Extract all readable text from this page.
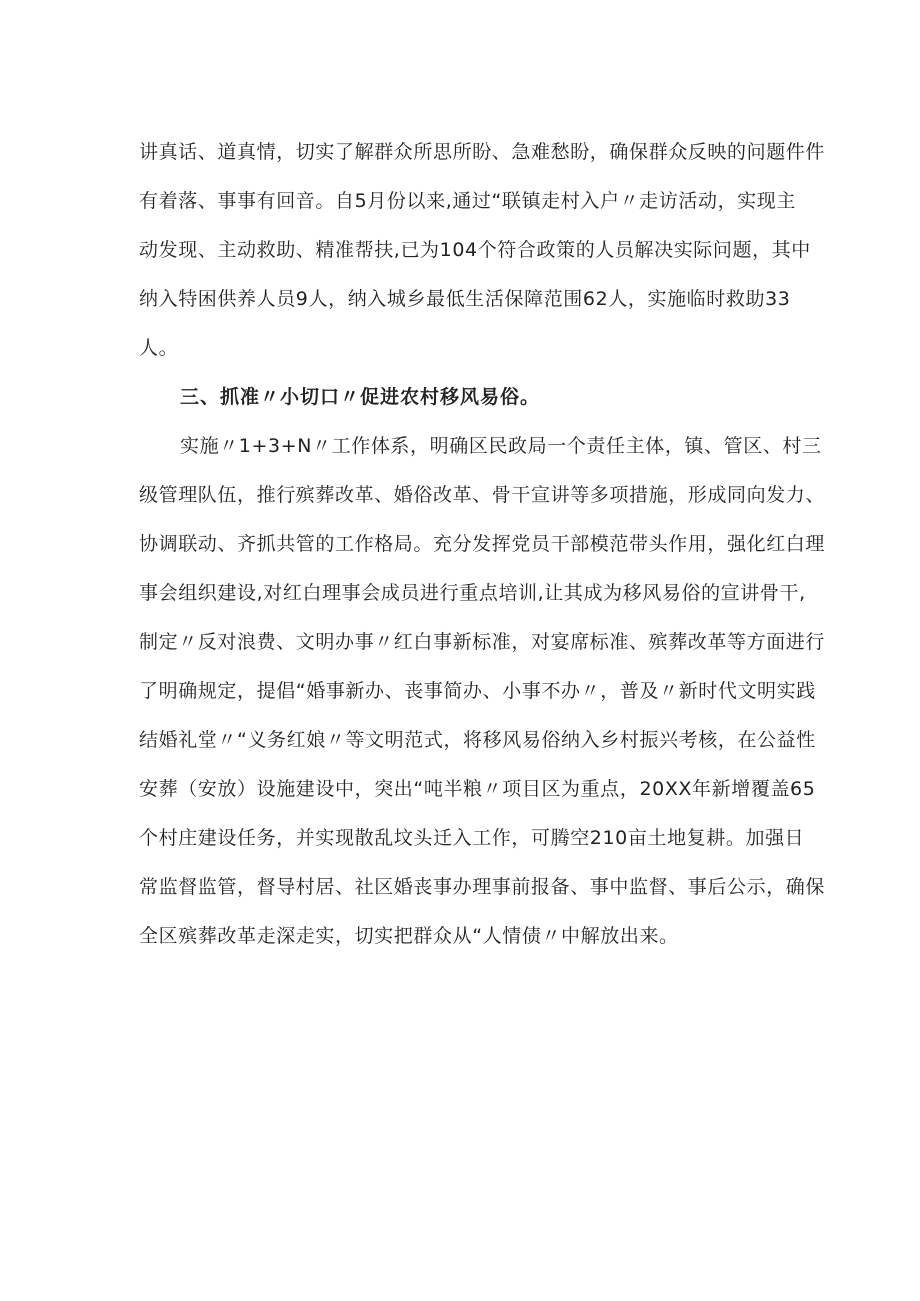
讲真话、道真情，切实了解群众所思所盼、急难愁盼，确保群众反映的问题件件
有着落、事事有回音。自5月份以来,通过“联镇走村入户〃走访活动，实现主
动发现、主动救助、精准帮扶,已为104个符合政策的人员解决实际问题，其中
纳入特困供养人员9人，纳入城乡最低生活保障范围62人，实施临时救助33
人。
三、抓准〃小切口〃促进农村移风易俗。
实施〃1+3+N〃工作体系，明确区民政局一个责任主体，镇、管区、村三
级管理队伍，推行殡葬改革、婚俗改革、骨干宣讲等多项措施，形成同向发力、
协调联动、齐抓共管的工作格局。充分发挥党员干部模范带头作用，强化红白理
事会组织建设,对红白理事会成员进行重点培训,让其成为移风易俗的宣讲骨干,
制定〃反对浪费、文明办事〃红白事新标准，对宴席标准、殡葬改革等方面进行
了明确规定，提倡“婚事新办、丧事简办、小事不办〃，普及〃新时代文明实践
结婚礼堂〃“义务红娘〃等文明范式，将移风易俗纳入乡村振兴考核，在公益性
安葬（安放）设施建设中，突出“吨半粮〃项目区为重点，20XX年新增覆盖65
个村庄建设任务，并实现散乱坟头迁入工作，可腾空210亩土地复耕。加强日
常监督监管，督导村居、社区婚丧事办理事前报备、事中监督、事后公示，确保
全区殡葬改革走深走实，切实把群众从“人情债〃中解放出来。
